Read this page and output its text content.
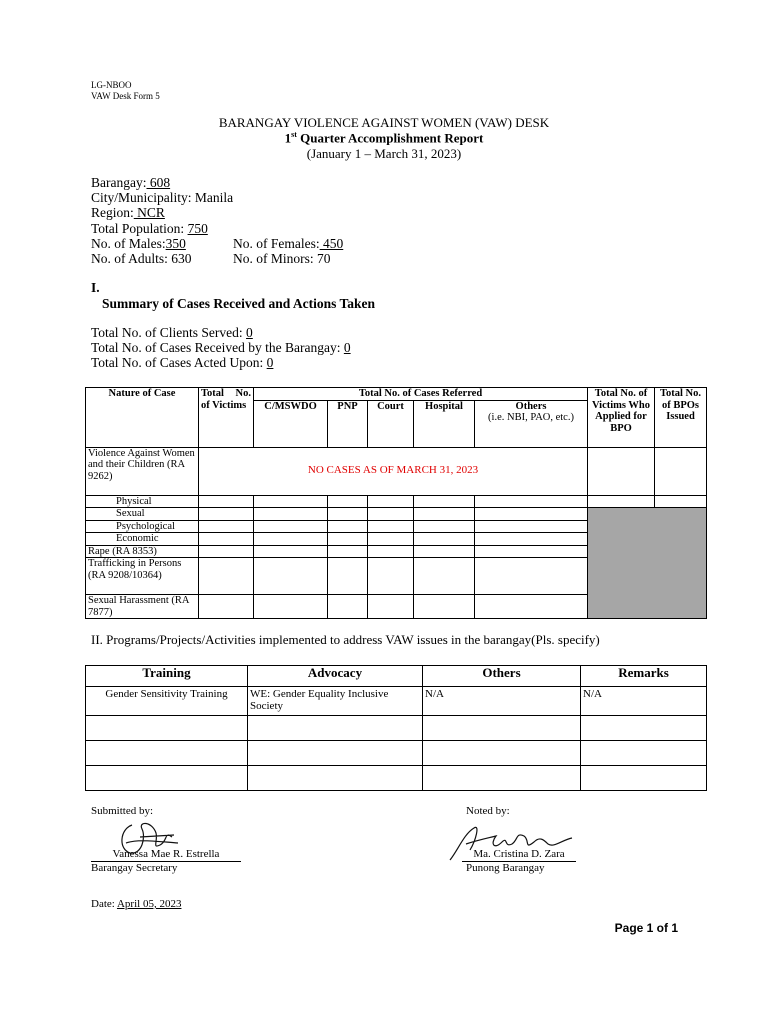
LG-NBOO
VAW Desk Form 5
BARANGAY VIOLENCE AGAINST WOMEN (VAW) DESK
1st Quarter Accomplishment Report
(January 1 – March 31, 2023)
Barangay: 608
City/Municipality: Manila
Region: NCR
Total Population: 750
No. of Males:350	No. of Females: 450
No. of Adults: 630	No. of Minors: 70
I.
Summary of Cases Received and Actions Taken
Total No. of Clients Served: 0
Total No. of Cases Received by the Barangay: 0
Total No. of Cases Acted Upon: 0
Nature of Case	Total No. of Victims	Total No. of Cases Referred					Total No. of Victims Who Applied for BPO	Total No. of BPOs Issued
		C/MSWDO	PNP	Court	Hospital	Others
(i.e. NBI, PAO, etc.)		
Violence Against Women and their Children (RA 9262)	NO CASES AS OF MARCH 31, 2023							
Physical								
Sexual								
Psychological								
Economic								
Rape (RA 8353)								
Trafficking in Persons (RA 9208/10364)								
Sexual Harassment (RA 7877)								
II. Programs/Projects/Activities implemented to address VAW issues in the barangay(Pls. specify)
Training	Advocacy	Others	Remarks
Gender Sensitivity Training	WE: Gender Equality Inclusive Society	N/A	N/A

Submitted by:
Vanessa Mae R. Estrella
Barangay Secretary
Noted by:
Ma. Cristina D. Zara
Punong Barangay
Date: April 05, 2023
Page 1 of 1
